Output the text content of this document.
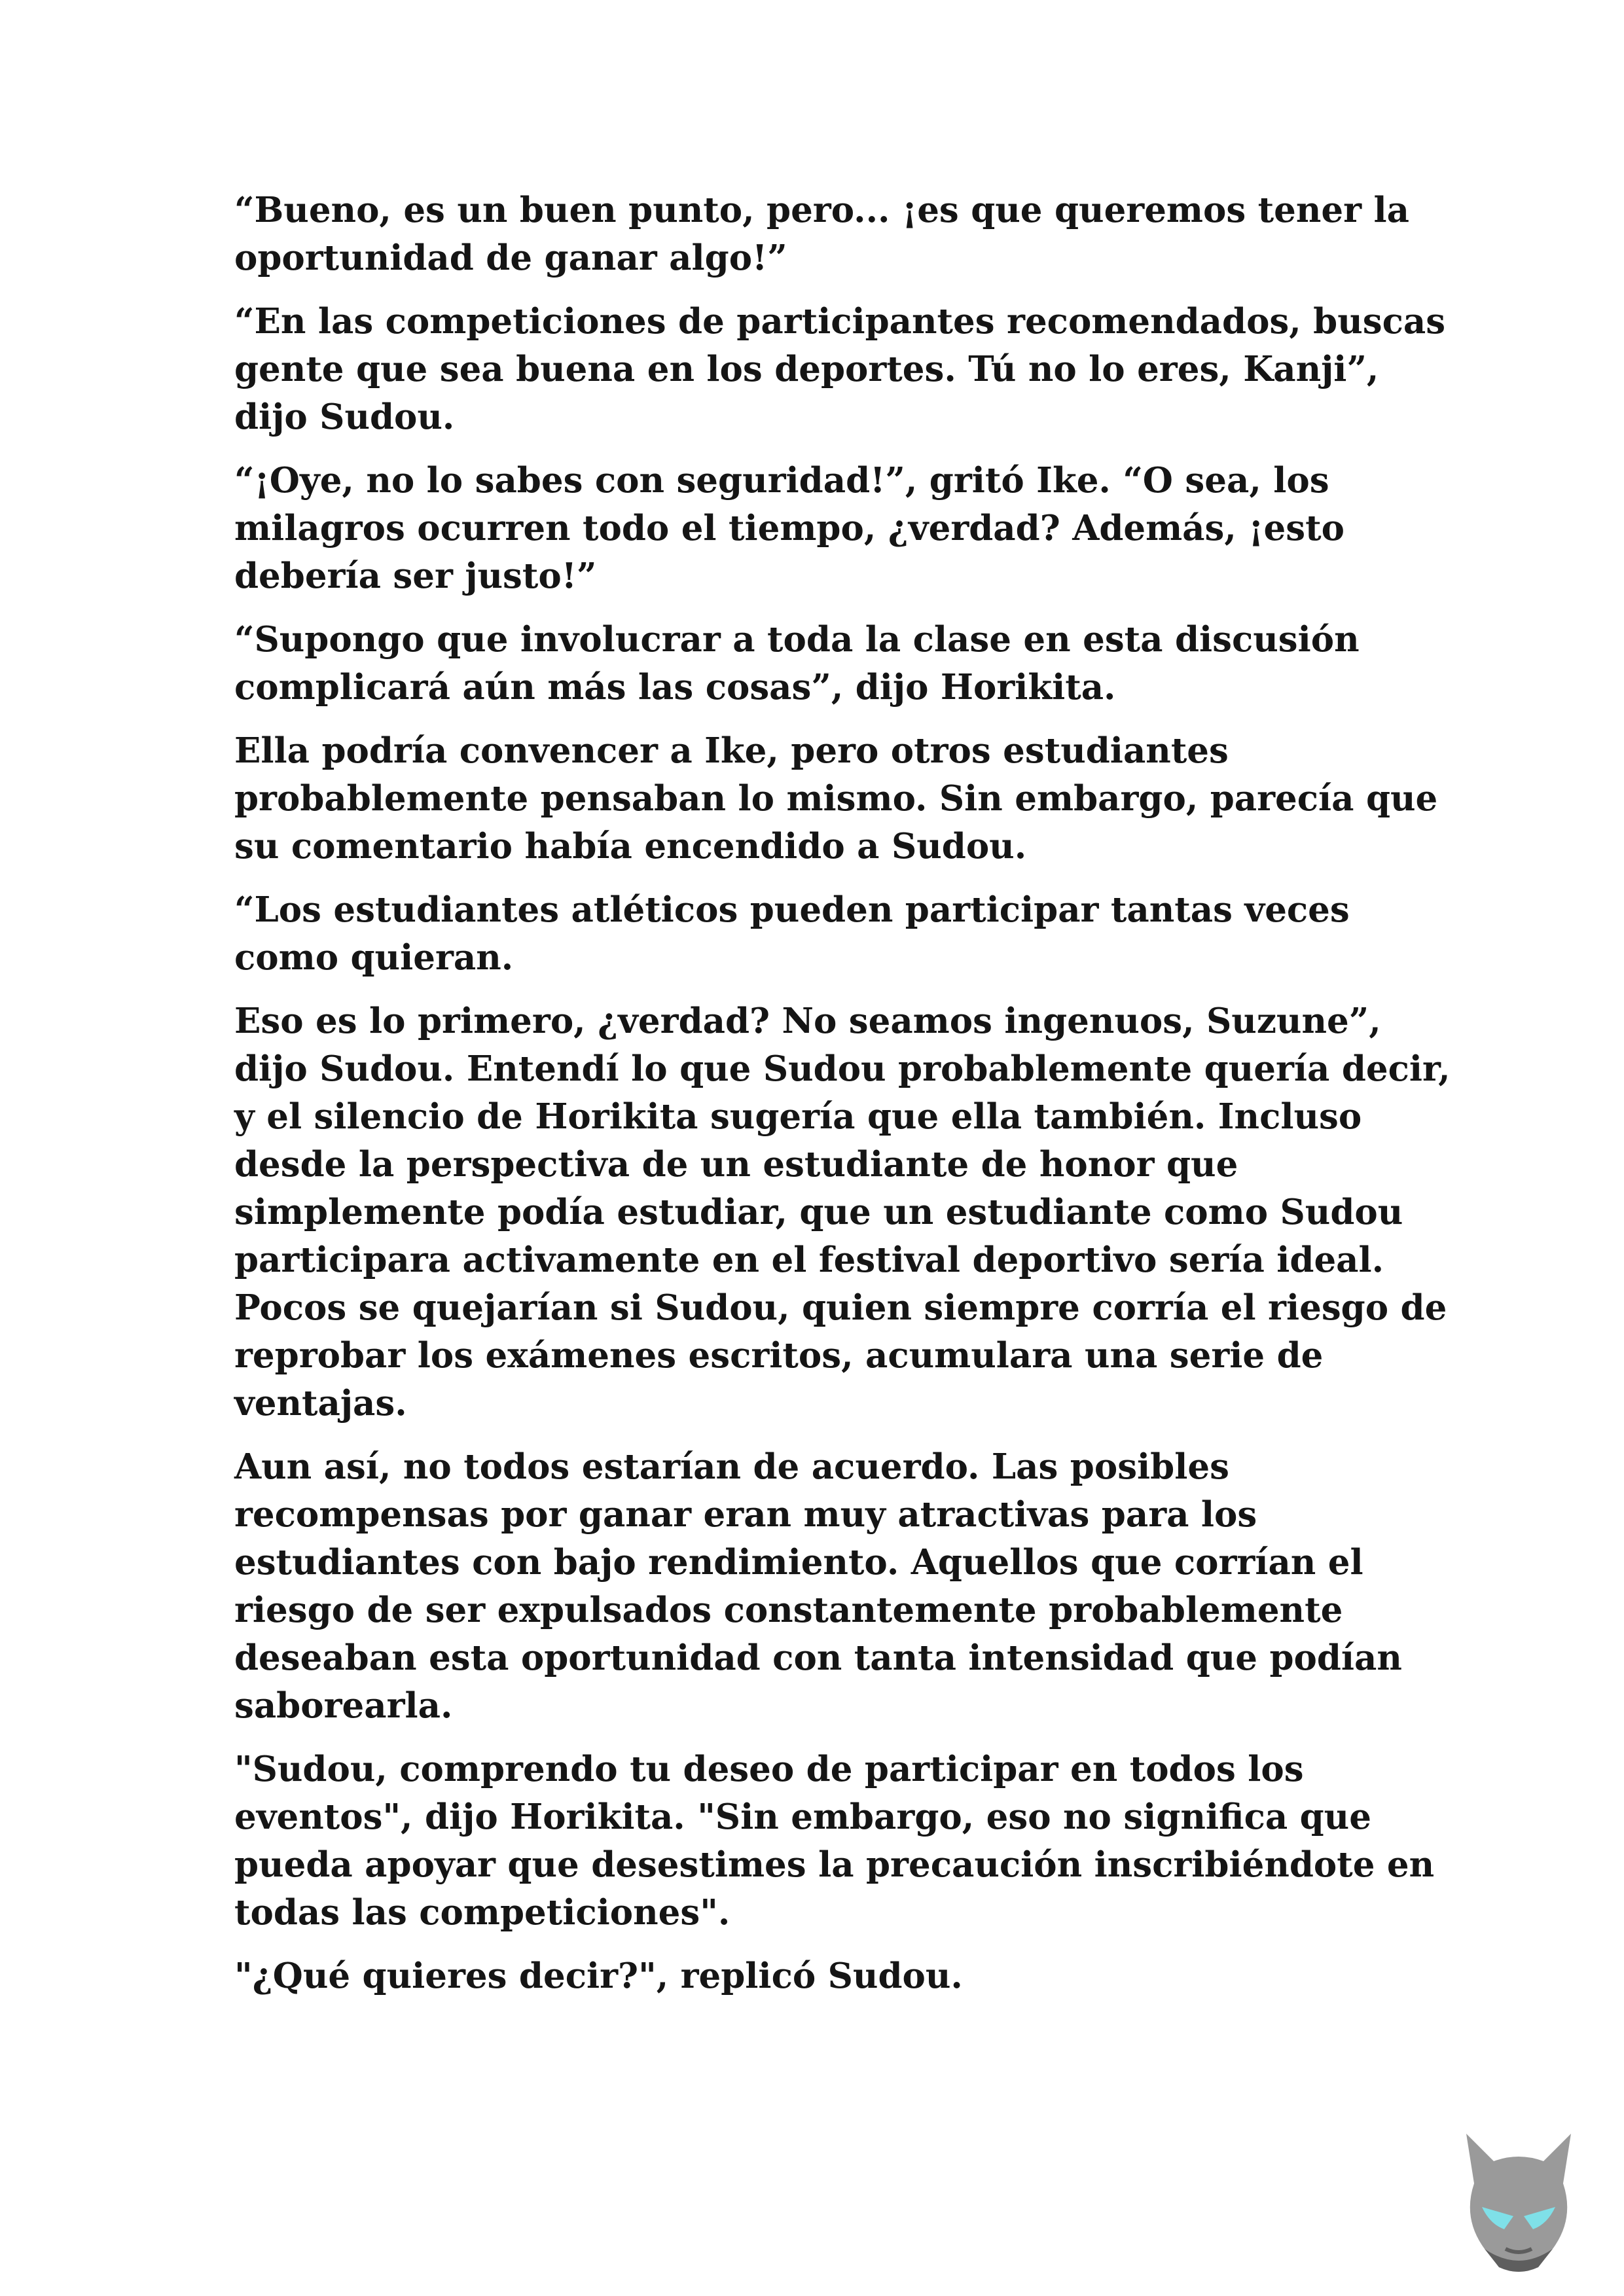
“Bueno, es un buen punto, pero... ¡es que queremos tener la oportunidad de ganar algo!”

“En las competiciones de participantes recomendados, buscas gente que sea buena en los deportes. Tú no lo eres, Kanji”, dijo Sudou.

“¡Oye, no lo sabes con seguridad!”, gritó Ike. “O sea, los milagros ocurren todo el tiempo, ¿verdad? Además, ¡esto debería ser justo!”

“Supongo que involucrar a toda la clase en esta discusión complicará aún más las cosas”, dijo Horikita.

Ella podría convencer a Ike, pero otros estudiantes probablemente pensaban lo mismo. Sin embargo, parecía que su comentario había encendido a Sudou.

“Los estudiantes atléticos pueden participar tantas veces como quieran.

Eso es lo primero, ¿verdad? No seamos ingenuos, Suzune”, dijo Sudou. Entendí lo que Sudou probablemente quería decir, y el silencio de Horikita sugería que ella también. Incluso desde la perspectiva de un estudiante de honor que simplemente podía estudiar, que un estudiante como Sudou participara activamente en el festival deportivo sería ideal. Pocos se quejarían si Sudou, quien siempre corría el riesgo de reprobar los exámenes escritos, acumulara una serie de ventajas.

Aun así, no todos estarían de acuerdo. Las posibles recompensas por ganar eran muy atractivas para los estudiantes con bajo rendimiento. Aquellos que corrían el riesgo de ser expulsados constantemente probablemente deseaban esta oportunidad con tanta intensidad que podían saborearla.

"Sudou, comprendo tu deseo de participar en todos los eventos", dijo Horikita. "Sin embargo, eso no significa que pueda apoyar que desestimes la precaución inscribiéndote en todas las competiciones".

"¿Qué quieres decir?", replicó Sudou.
